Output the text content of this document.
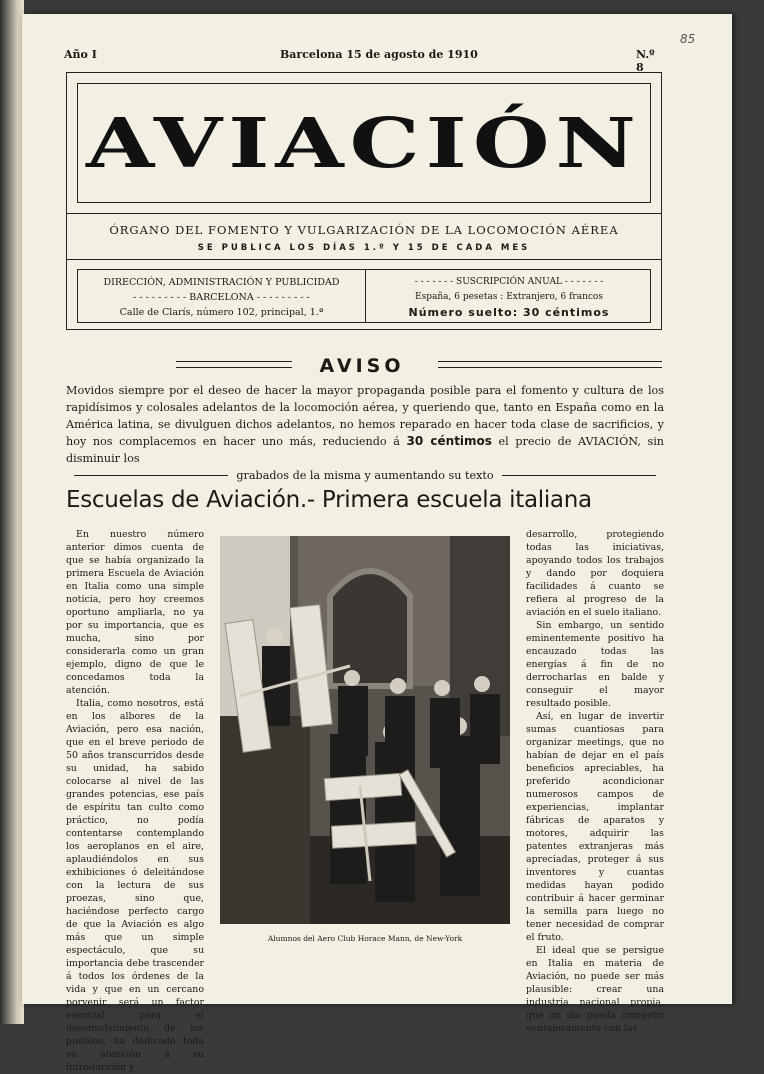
85
Año I	Barcelona 15 de agosto de 1910	N.º 8
AVIACIÓN
ÓRGANO DEL FOMENTO Y VULGARIZACIÓN DE LA LOCOMOCIÓN AÉREA
SE PUBLICA LOS DÍAS 1.º Y 15 DE CADA MES
DIRECCIÓN, ADMINISTRACIÓN Y PUBLICIDAD
- - - - - - - - - BARCELONA - - - - - - - - -
Calle de Clarís, número 102, principal, 1.ª
- - - - - - - SUSCRIPCIÓN ANUAL - - - - - - -
España, 6 pesetas : Extranjero, 6 francos
Número suelto: 30 céntimos
AVISO
Movidos siempre por el deseo de hacer la mayor propaganda posible para el fomento y cultura de los rapidísimos y colosales adelantos de la locomoción aérea, y queriendo que, tanto en España como en la América latina, se divulguen dichos adelantos, no hemos reparado en hacer toda clase de sacrificios, y hoy nos complacemos en hacer uno más, reduciendo á 30 céntimos el precio de AVIACIÓN, sin disminuir los
grabados de la misma y aumentando su texto
Escuelas de Aviación.- Primera escuela italiana

En nuestro número anterior dimos cuenta de que se había organizado la primera Escuela de Aviación en Italia como una simple noticia, pero hoy creemos oportuno ampliarla, no ya por su importancia, que es mucha, sino por considerarla como un gran ejemplo, digno de que le concedamos toda la atención.

Italia, como nosotros, está en los albores de la Aviación, pero esa nación, que en el breve periodo de 50 años transcurridos desde su unidad, ha sabido colocarse al nivel de las grandes potencias, ese país de espíritu tan culto como práctico, no podía contentarse contemplando los aeroplanos en el aire, aplaudiéndolos en sus exhibiciones ó deleitándose con la lectura de sus proezas, sino que, haciéndose perfecto cargo de que la Aviación es algo más que un simple espectáculo, que su importancia debe trascender á todos los órdenes de la vida y que en un cercano porvenir será un factor esencial para el desenvolvimiento de los pueblos, ha dedicado toda su atención á su introducción y

Alumnos del Aero Club Horace Mann, de New-York

desarrollo, protegiendo todas las iniciativas, apoyando todos los trabajos y dando por doquiera facilidades á cuanto se refiera al progreso de la aviación en el suelo italiano.

Sin embargo, un sentido eminentemente positivo ha encauzado todas las energías á fin de no derrocharlas en balde y conseguir el mayor resultado posible.

Así, en lugar de invertir sumas cuantiosas para organizar meetings, que no habían de dejar en el país beneficios apreciables, ha preferido acondicionar numerosos campos de experiencias, implantar fábricas de aparatos y motores, adquirir las patentes extranjeras más apreciadas, proteger á sus inventores y cuantas medidas hayan podido contribuir á hacer germinar la semilla para luego no tener necesidad de comprar el fruto.

El ideal que se persigue en Italia en materia de Aviación, no puede ser más plausible: crear una industria nacional propia, que un día pueda competir ventajosamente con las
